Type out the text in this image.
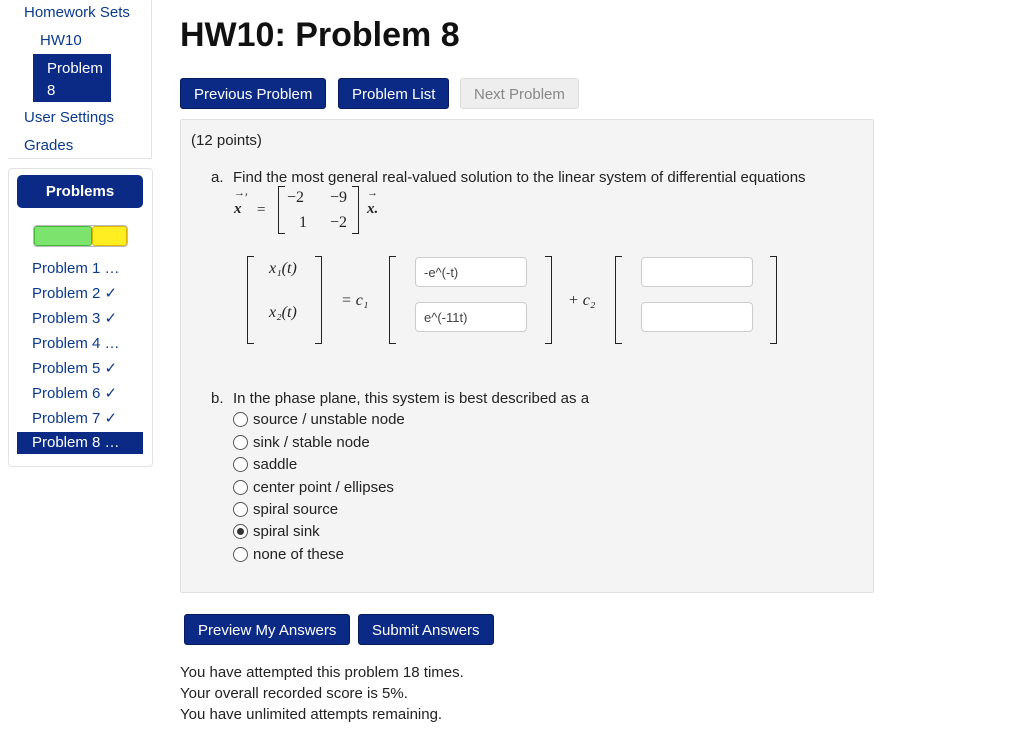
Homework Sets
HW10
User Settings
Grades
Problem
8
Problems
Problem 1 …
Problem 2 ✓
Problem 3 ✓
Problem 4 …
Problem 5 ✓
Problem 6 ✓
Problem 7 ✓
Problem 8 …
HW10: Problem 8
Previous Problem	Problem List	Next Problem
(12 points)
a. Find the most general real-valued solution to the linear system of differential equations
→
x
′
=
−2 −9
1 −2
→
x.
x₁(t)
x₂(t)
= c₁
-e^(-t)
e^(-11t)	+ c₂
b. In the phase plane, this system is best described as a
source / unstable node
sink / stable node
saddle
center point / ellipses
spiral source
spiral sink
none of these
Preview My Answers	Submit Answers
You have attempted this problem 18 times.
Your overall recorded score is 5%.
You have unlimited attempts remaining.
